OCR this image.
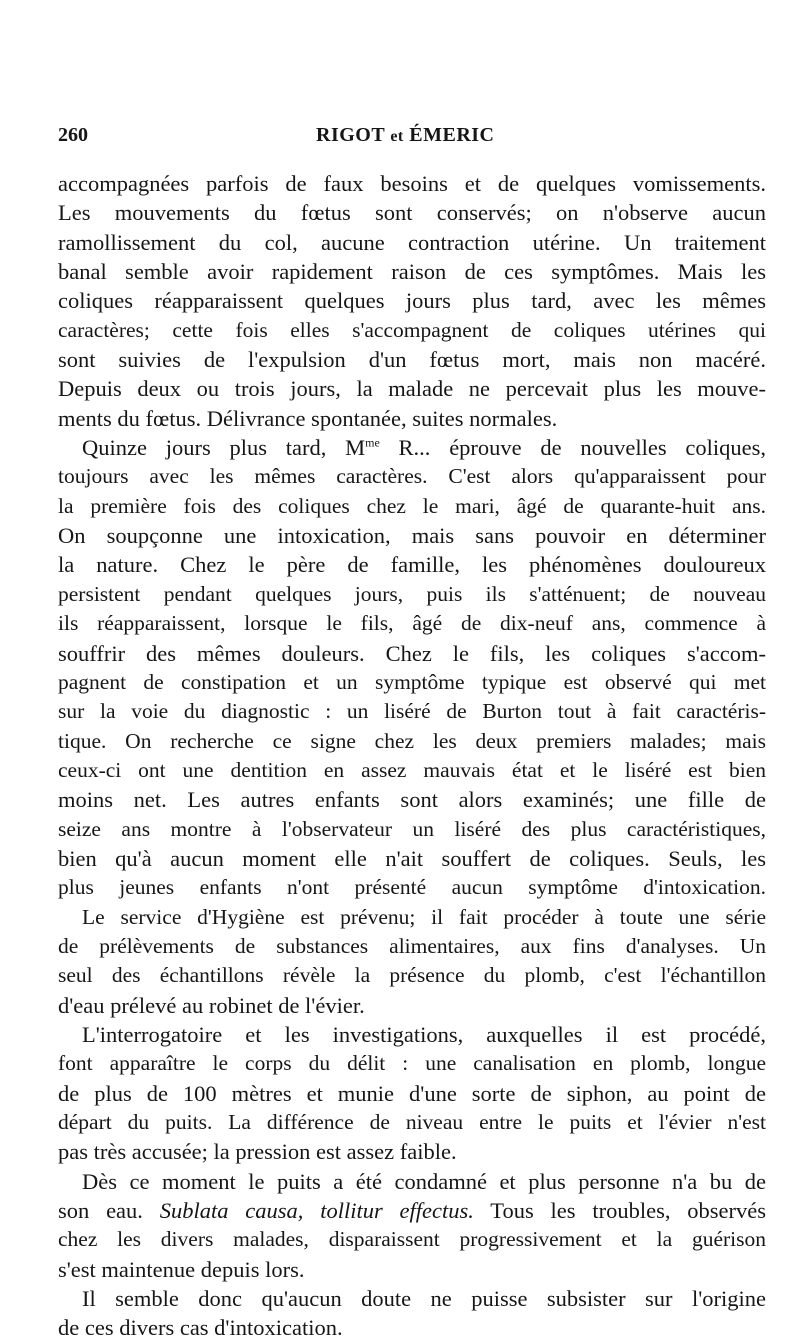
260	RIGOT et ÉMERIC
accompagnées parfois de faux besoins et de quelques vomissements.
Les mouvements du fœtus sont conservés; on n'observe aucun
ramollissement du col, aucune contraction utérine. Un traitement
banal semble avoir rapidement raison de ces symptômes. Mais les
coliques réapparaissent quelques jours plus tard, avec les mêmes
caractères; cette fois elles s'accompagnent de coliques utérines qui
sont suivies de l'expulsion d'un fœtus mort, mais non macéré.
Depuis deux ou trois jours, la malade ne percevait plus les mouve-
ments du fœtus. Délivrance spontanée, suites normales.
Quinze jours plus tard, $M^{me}$ R... éprouve de nouvelles coliques,
toujours avec les mêmes caractères. C'est alors qu'apparaissent pour
la première fois des coliques chez le mari, âgé de quarante-huit ans.
On soupçonne une intoxication, mais sans pouvoir en déterminer
la nature. Chez le père de famille, les phénomènes douloureux
persistent pendant quelques jours, puis ils s'atténuent; de nouveau
ils réapparaissent, lorsque le fils, âgé de dix-neuf ans, commence à
souffrir des mêmes douleurs. Chez le fils, les coliques s'accom-
pagnent de constipation et un symptôme typique est observé qui met
sur la voie du diagnostic : un liséré de Burton tout à fait caractéris-
tique. On recherche ce signe chez les deux premiers malades; mais
ceux-ci ont une dentition en assez mauvais état et le liséré est bien
moins net. Les autres enfants sont alors examinés; une fille de
seize ans montre à l'observateur un liséré des plus caractéristiques,
bien qu'à aucun moment elle n'ait souffert de coliques. Seuls, les
plus jeunes enfants n'ont présenté aucun symptôme d'intoxication.
Le service d'Hygiène est prévenu; il fait procéder à toute une série
de prélèvements de substances alimentaires, aux fins d'analyses. Un
seul des échantillons révèle la présence du plomb, c'est l'échantillon
d'eau prélevé au robinet de l'évier.
L'interrogatoire et les investigations, auxquelles il est procédé,
font apparaître le corps du délit : une canalisation en plomb, longue
de plus de 100 mètres et munie d'une sorte de siphon, au point de
départ du puits. La différence de niveau entre le puits et l'évier n'est
pas très accusée; la pression est assez faible.
Dès ce moment le puits a été condamné et plus personne n'a bu de
son eau. Sublata causa, tollitur effectus. Tous les troubles, observés
chez les divers malades, disparaissent progressivement et la guérison
s'est maintenue depuis lors.
Il semble donc qu'aucun doute ne puisse subsister sur l'origine
de ces divers cas d'intoxication.
